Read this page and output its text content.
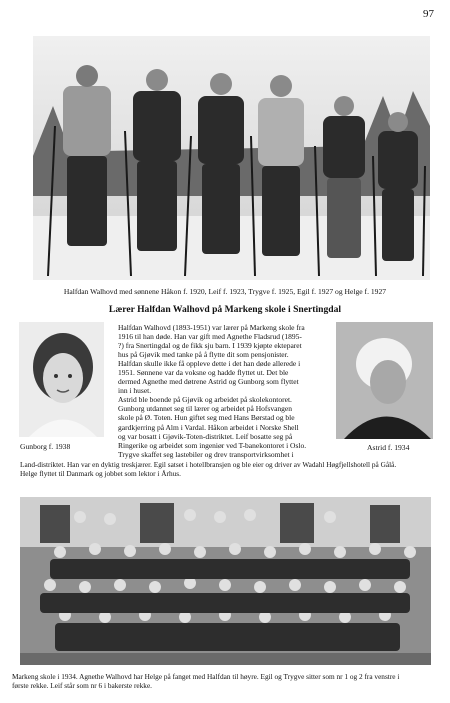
97
Halfdan Walhovd med sønnene Håkon f. 1920, Leif f. 1923, Trygve f. 1925, Egil f. 1927 og Helge f. 1927
Lærer Halfdan Walhovd på Markeng skole i Snertingdal
Gunborg f. 1938	Astrid f. 1934

Halfdan Walhovd (1893-1951) var lærer på Markeng skole fra

1916 til han døde. Han var gift med Agnethe Fladsrud (1895-

?) fra Snertingdal og de fikk sju barn. I 1939 kjøpte ekteparet

hus på Gjøvik med tanke på å flytte dit som pensjonister.

Halfdan skulle ikke få oppleve dette i det han døde allerede i

1951. Sønnene var da voksne og hadde flyttet ut. Det ble

dermed Agnethe med døtrene Astrid og Gunborg som flyttet

inn i huset.

Astrid ble boende på Gjøvik og arbeidet på skolekontoret.

Gunborg utdannet seg til lærer og arbeidet på Hofsvangen

skole på Ø. Toten. Hun giftet seg med Hans Børstad og ble

gardkjerring på Alm i Vardal. Håkon arbeidet i Norske Shell

og var bosatt i Gjøvik-Toten-distriktet. Leif bosatte seg på

Ringerike og arbeidet som ingeniør ved T-banekontoret i Oslo.

Trygve skaffet seg lastebiler og drev transportvirksomhet i

Land-distriktet. Han var en dyktig treskjærer. Egil satset i hotellbransjen og ble eier og driver av Wadahl Høgfjellshotell på Gålå.

Helge flyttet til Danmark og jobbet som lektor i Århus.

Markeng skole i 1934. Agnethe Walhovd har Helge på fanget med Halfdan til høyre. Egil og Trygve sitter som nr 1 og 2 fra venstre i
første rekke. Leif står som nr 6 i bakerste rekke.
